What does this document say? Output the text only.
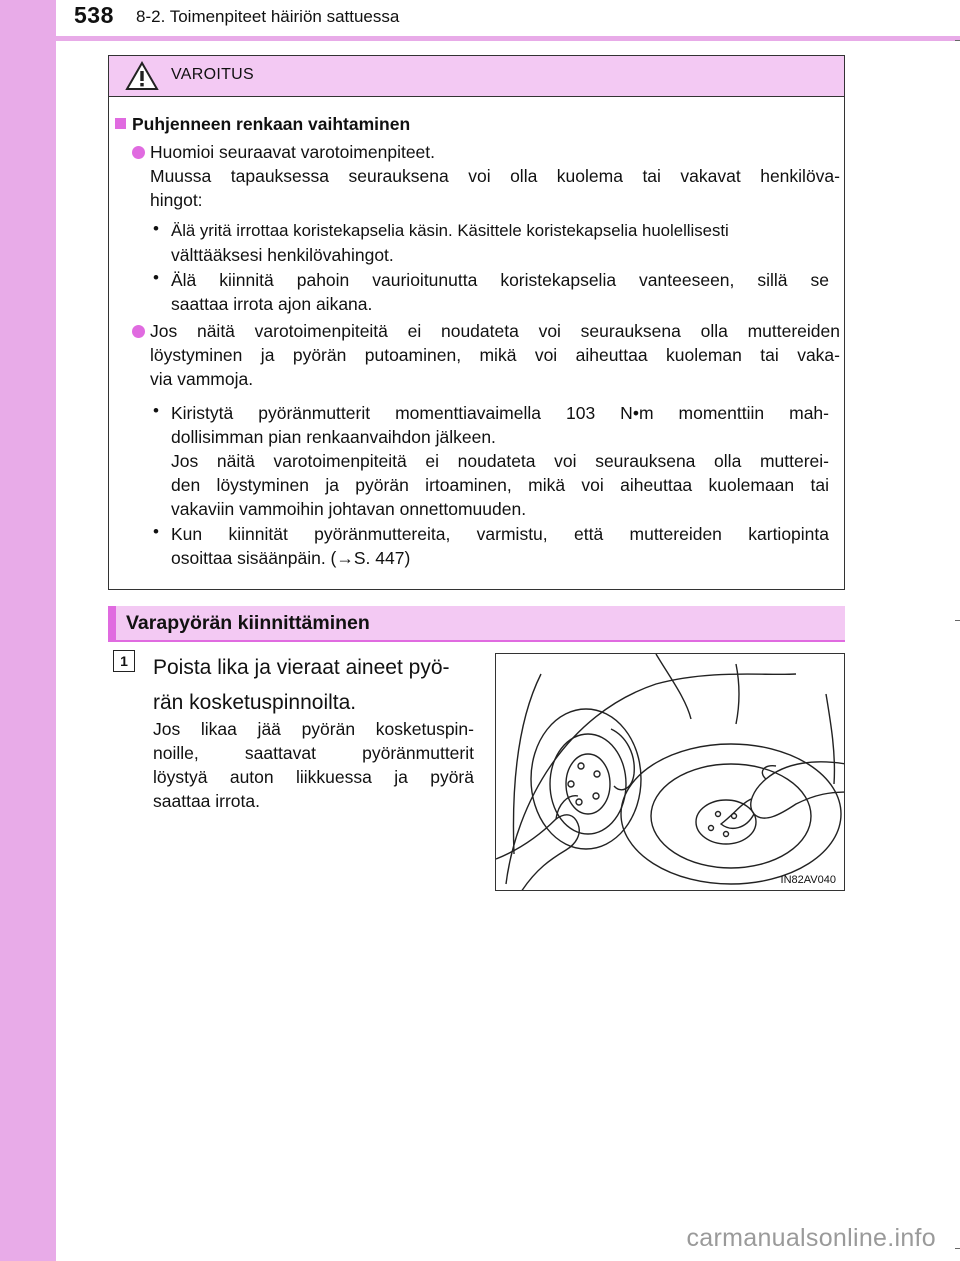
538 8-2. Toimenpiteet häiriön sattuessa
VAROITUS
Puhjenneen renkaan vaihtaminen
Huomioi seuraavat varotoimenpiteet.
Muussa tapauksessa seurauksena voi olla kuolema tai vakavat henkilöva-
hingot:
• Älä yritä irrottaa koristekapselia käsin. Käsittele koristekapselia huolellisesti
välttääksesi henkilövahingot.
• Älä kiinnitä pahoin vaurioitunutta koristekapselia vanteeseen, sillä se
saattaa irrota ajon aikana.
Jos näitä varotoimenpiteitä ei noudateta voi seurauksena olla muttereiden
löystyminen ja pyörän putoaminen, mikä voi aiheuttaa kuoleman tai vaka-
via vammoja.
• Kiristytä pyöränmutterit momenttiavaimella 103 N•m momenttiin mah-
dollisimman pian renkaanvaihdon jälkeen.
Jos näitä varotoimenpiteitä ei noudateta voi seurauksena olla mutterei-
den löystyminen ja pyörän irtoaminen, mikä voi aiheuttaa kuolemaan tai
vakaviin vammoihin johtavan onnettomuuden.
• Kun kiinnität pyöränmuttereita, varmistu, että muttereiden kartiopinta
osoittaa sisäänpäin. (→S. 447)
Varapyörän kiinnittäminen
1	Poista lika ja vieraat aineet pyö-
rän kosketuspinnoilta.
Jos likaa jää pyörän kosketuspin-
noille, saattavat pyöränmutterit
löystyä auton liikkuessa ja pyörä
saattaa irrota.
IN82AV040
carmanualsonline.info
